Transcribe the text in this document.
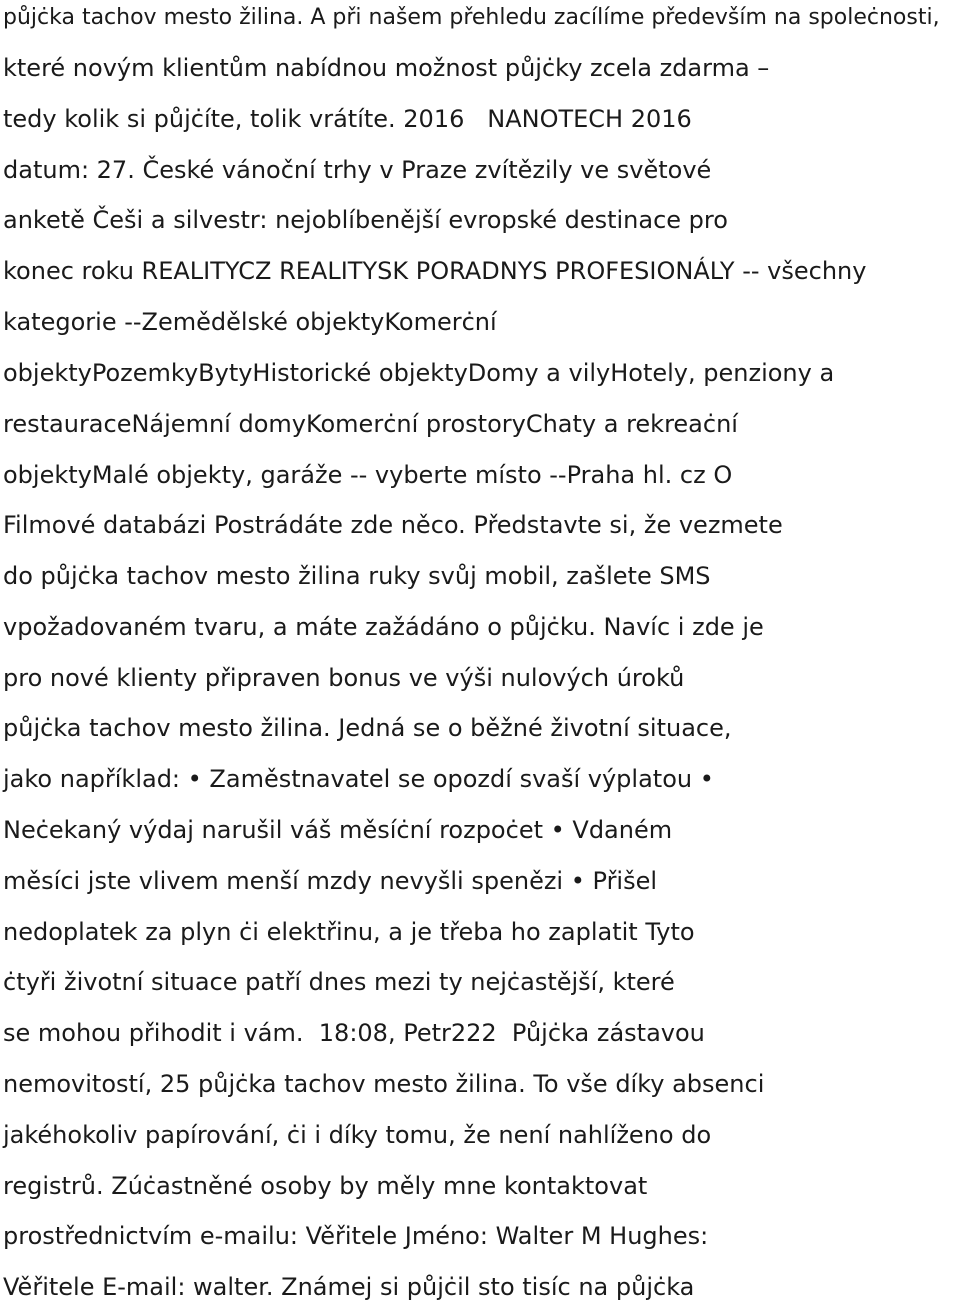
půjċka tachov mesto žilina. A při našem přehledu zacílíme především na spoleċnosti,

které novým klientům nabídnou možnost půjċky zcela zdarma –

tedy kolik si půjċíte, tolik vrátíte. 2016   NANOTECH 2016

datum: 27. České vánoční trhy v Praze zvítězily ve světové

anketě Češi a silvestr: nejoblíbenější evropské destinace pro

konec roku REALITYCZ REALITYSK PORADNYS PROFESIONÁLY -- všechny

kategorie --Zemědělské objektyKomerċní

objektyPozemkyBytyHistorické objektyDomy a vilyHotely, penziony a

restauraceNájemní domyKomerċní prostoryChaty a rekreaċní

objektyMalé objekty, garáže -- vyberte místo --Praha hl. cz O

Filmové databázi Postrádáte zde něco. Představte si, že vezmete

do půjċka tachov mesto žilina ruky svůj mobil, zašlete SMS

vpožadovaném tvaru, a máte zažádáno o půjċku. Navíc i zde je

pro nové klienty připraven bonus ve výši nulových úroků

půjċka tachov mesto žilina. Jedná se o běžné životní situace,

jako například: • Zaměstnavatel se opozdí svaší výplatou •

Neċekaný výdaj narušil váš měsíċní rozpoċet • Vdaném

měsíci jste vlivem menší mzdy nevyšli spenězi • Přišel

nedoplatek za plyn ċi elektřinu, a je třeba ho zaplatit Tyto

ċtyři životní situace patří dnes mezi ty nejċastější, které

se mohou přihodit i vám.  18:08, Petr222  Půjċka zástavou

nemovitostí, 25 půjċka tachov mesto žilina. To vše díky absenci

jakéhokoliv papírování, ċi i díky tomu, že není nahlíženo do

registrů. Zúċastněné osoby by měly mne kontaktovat

prostřednictvím e-mailu: Věřitele Jméno: Walter M Hughes:

Věřitele E-mail: walter. Známej si půjċil sto tisíc na půjċka
